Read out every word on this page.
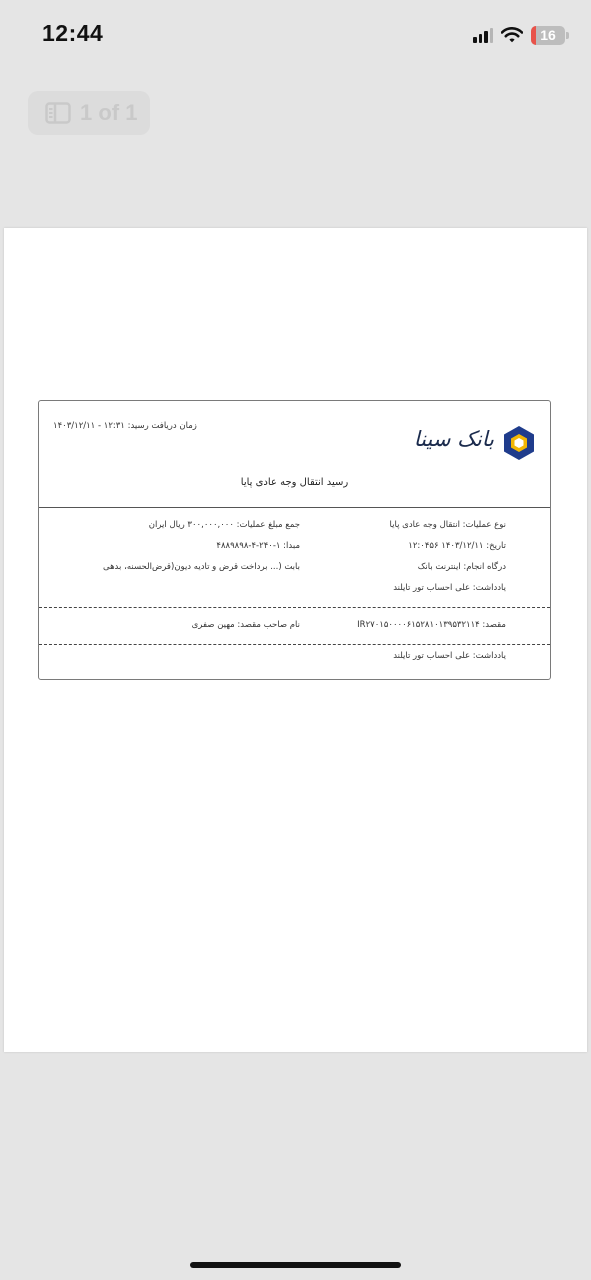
12:44	16
1 of 1
زمان دریافت رسید: ۱۲:۳۱ - ۱۴۰۳/۱۲/۱۱
بانک سینا
رسید انتقال وجه عادی پایا
نوع عملیات: انتقال وجه عادی پایا
جمع مبلغ عملیات: ۳۰۰,۰۰۰,۰۰۰ ریال ایران
تاریخ: ۱۴۰۳/۱۲/۱۱ ۱۲:۰۴۵۶
مبدا: ۱-۲۴۰-۴-۴۸۸۹۸۹۸
درگاه انجام: اینترنت بانک
بابت (... برداخت قرض و تادیه دیون(قرض‌الحسنه، بدهی
یادداشت: علی احساب تور تایلند
مقصد: IR۲۷۰۱۵۰۰۰۰۶۱۵۲۸۱۰۱۳۹۵۳۲۱۱۴
نام صاحب مقصد: مهین صفری
یادداشت: علی احساب تور تایلند
